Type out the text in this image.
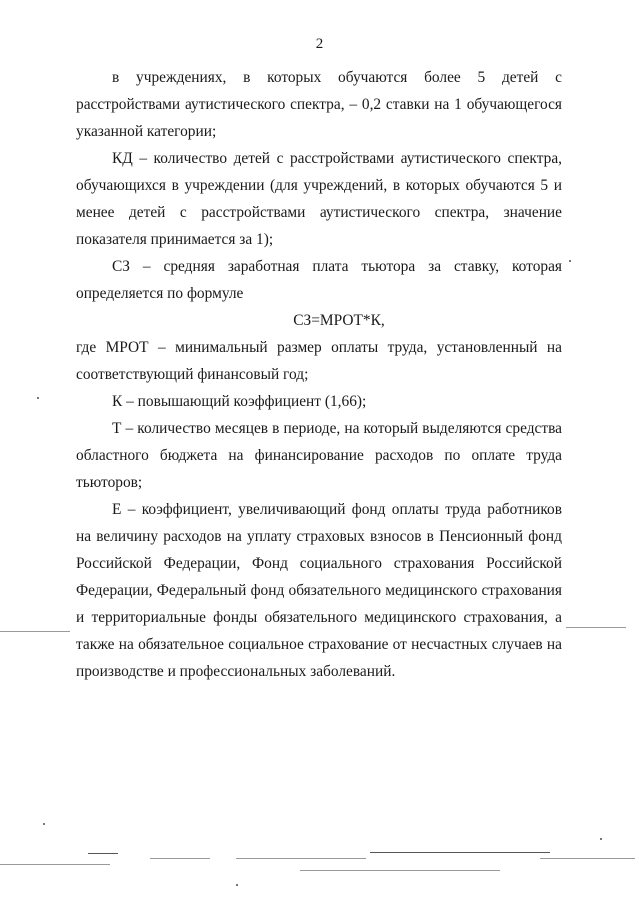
2

в учреждениях, в которых обучаются более 5 детей с расстройствами аутистического спектра, – 0,2 ставки на 1 обучающегося указанной категории;

КД – количество детей с расстройствами аутистического спектра, обучающихся в учреждении (для учреждений, в которых обучаются 5 и менее детей с расстройствами аутистического спектра, значение показателя принимается за 1);

СЗ – средняя заработная плата тьютора за ставку, которая определяется по формуле

СЗ=МРОТ*К,

где МРОТ – минимальный размер оплаты труда, установленный на соответствующий финансовый год;

К – повышающий коэффициент (1,66);

Т – количество месяцев в периоде, на который выделяются средства областного бюджета на финансирование расходов по оплате труда тьюторов;

Е – коэффициент, увеличивающий фонд оплаты труда работников на величину расходов на уплату страховых взносов в Пенсионный фонд Российской Федерации, Фонд социального страхования Российской Федерации, Федеральный фонд обязательного медицинского страхования и территориальные фонды обязательного медицинского страхования, а также на обязательное социальное страхование от несчастных случаев на производстве и профессиональных заболеваний.
